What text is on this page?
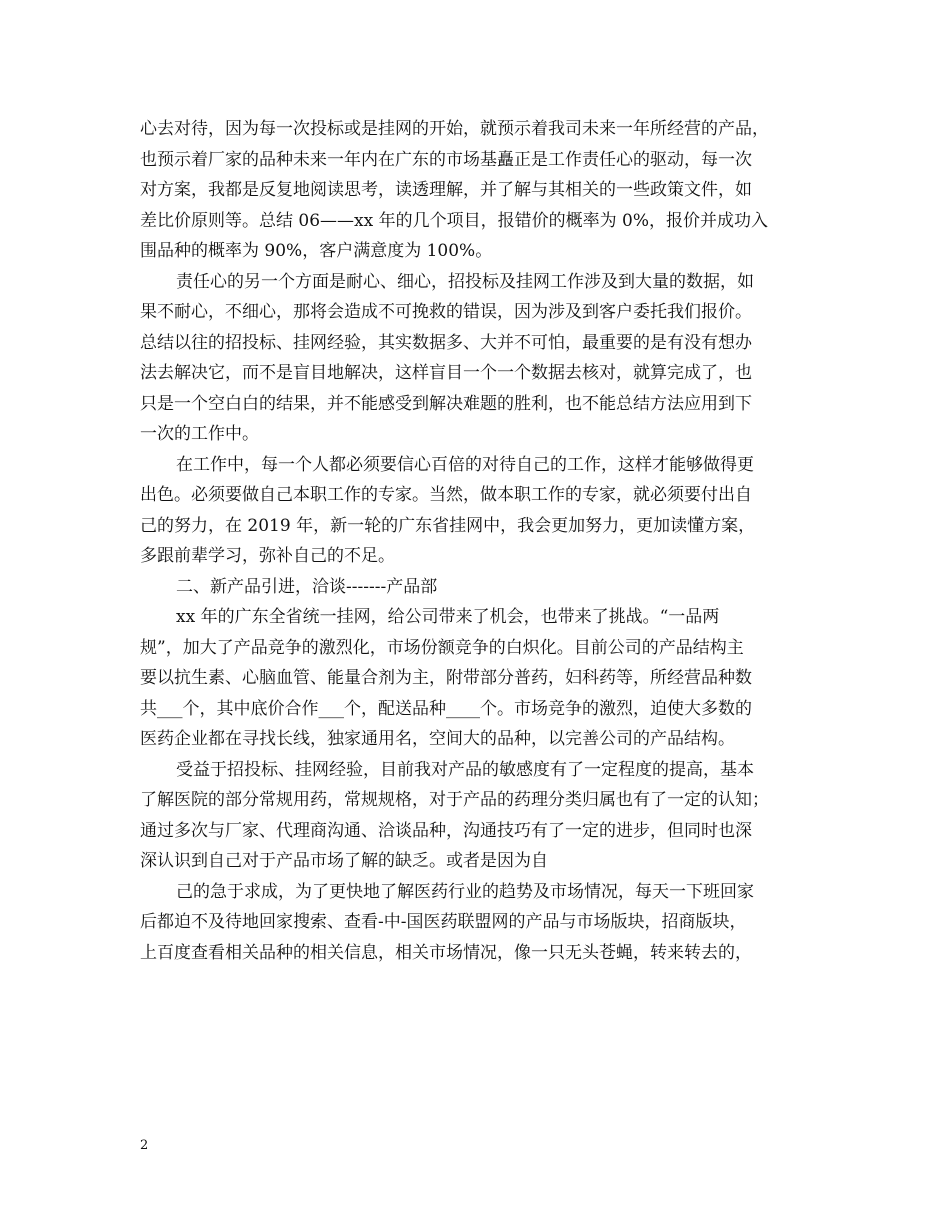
心去对待，因为每一次投标或是挂网的开始，就预示着我司未来一年所经营的产品，
也预示着厂家的品种未来一年内在广东的市场基矗正是工作责任心的驱动，每一次
对方案，我都是反复地阅读思考，读透理解，并了解与其相关的一些政策文件，如
差比价原则等。总结 06——xx 年的几个项目，报错价的概率为 0%，报价并成功入
围品种的概率为 90%，客户满意度为 100%。
责任心的另一个方面是耐心、细心，招投标及挂网工作涉及到大量的数据，如
果不耐心，不细心，那将会造成不可挽救的错误，因为涉及到客户委托我们报价。
总结以往的招投标、挂网经验，其实数据多、大并不可怕，最重要的是有没有想办
法去解决它，而不是盲目地解决，这样盲目一个一个数据去核对，就算完成了，也
只是一个空白白的结果，并不能感受到解决难题的胜利，也不能总结方法应用到下
一次的工作中。
在工作中，每一个人都必须要信心百倍的对待自己的工作，这样才能够做得更
出色。必须要做自己本职工作的专家。当然，做本职工作的专家，就必须要付出自
己的努力，在 2019 年，新一轮的广东省挂网中，我会更加努力，更加读懂方案，
多跟前辈学习，弥补自己的不足。
二、新产品引进，洽谈-------产品部
xx 年的广东全省统一挂网，给公司带来了机会，也带来了挑战。“一品两
规”，加大了产品竞争的激烈化，市场份额竞争的白炽化。目前公司的产品结构主
要以抗生素、心脑血管、能量合剂为主，附带部分普药，妇科药等，所经营品种数
共___个，其中底价合作___个，配送品种____个。市场竞争的激烈，迫使大多数的
医药企业都在寻找长线，独家通用名，空间大的品种，以完善公司的产品结构。
受益于招投标、挂网经验，目前我对产品的敏感度有了一定程度的提高，基本
了解医院的部分常规用药，常规规格，对于产品的药理分类归属也有了一定的认知；
通过多次与厂家、代理商沟通、洽谈品种，沟通技巧有了一定的进步，但同时也深
深认识到自己对于产品市场了解的缺乏。或者是因为自
己的急于求成，为了更快地了解医药行业的趋势及市场情况，每天一下班回家
后都迫不及待地回家搜索、查看-中-国医药联盟网的产品与市场版块，招商版块，
上百度查看相关品种的相关信息，相关市场情况，像一只无头苍蝇，转来转去的，
2
